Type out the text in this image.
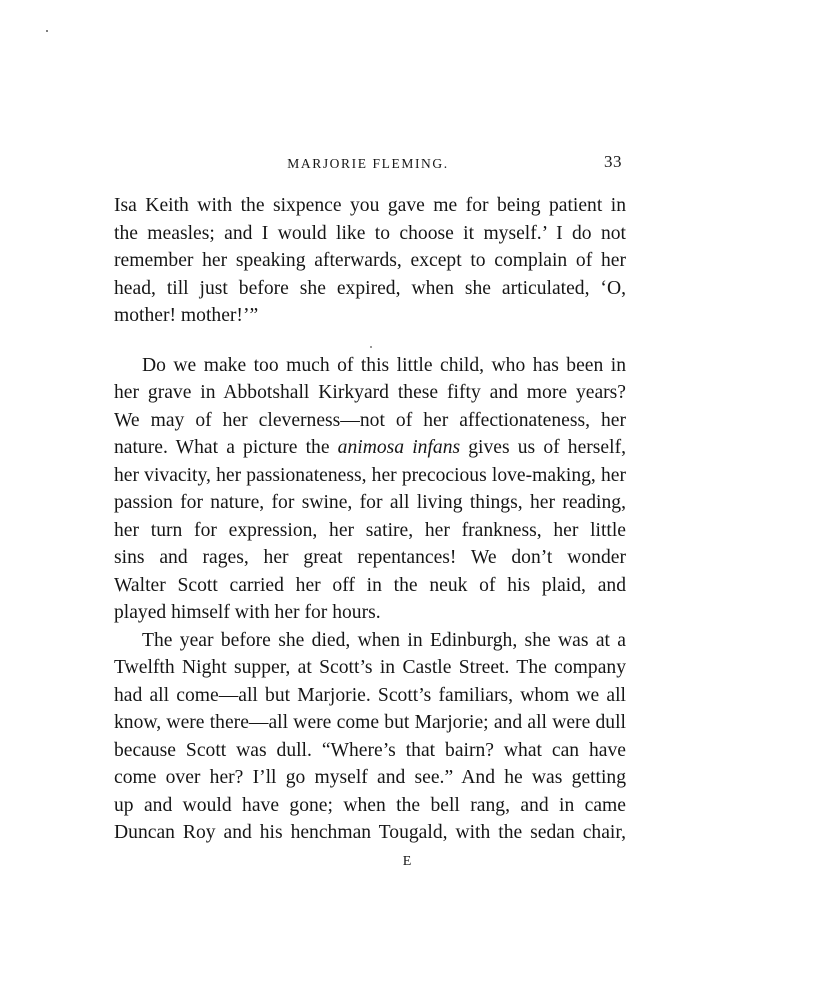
MARJORIE FLEMING.	33
Isa Keith with the sixpence you gave me for being patient in
the measles; and I would like to choose it myself.’ I do not
remember her speaking afterwards, except to complain of her
head, till just before she expired, when she articulated, ‘O,
mother! mother!’”
Do we make too much of this little child, who has been in
her grave in Abbotshall Kirkyard these fifty and more years?
We may of her cleverness—not of her affectionateness, her
nature. What a picture the animosa infans gives us of herself,
her vivacity, her passionateness, her precocious love-making, her
passion for nature, for swine, for all living things, her reading,
her turn for expression, her satire, her frankness, her little
sins and rages, her great repentances! We don’t wonder
Walter Scott carried her off in the neuk of his plaid, and
played himself with her for hours.
The year before she died, when in Edinburgh, she was at a
Twelfth Night supper, at Scott’s in Castle Street. The company
had all come—all but Marjorie. Scott’s familiars, whom we all
know, were there—all were come but Marjorie; and all were dull
because Scott was dull. “Where’s that bairn? what can have
come over her? I’ll go myself and see.” And he was getting
up and would have gone; when the bell rang, and in came
Duncan Roy and his henchman Tougald, with the sedan chair,
E
